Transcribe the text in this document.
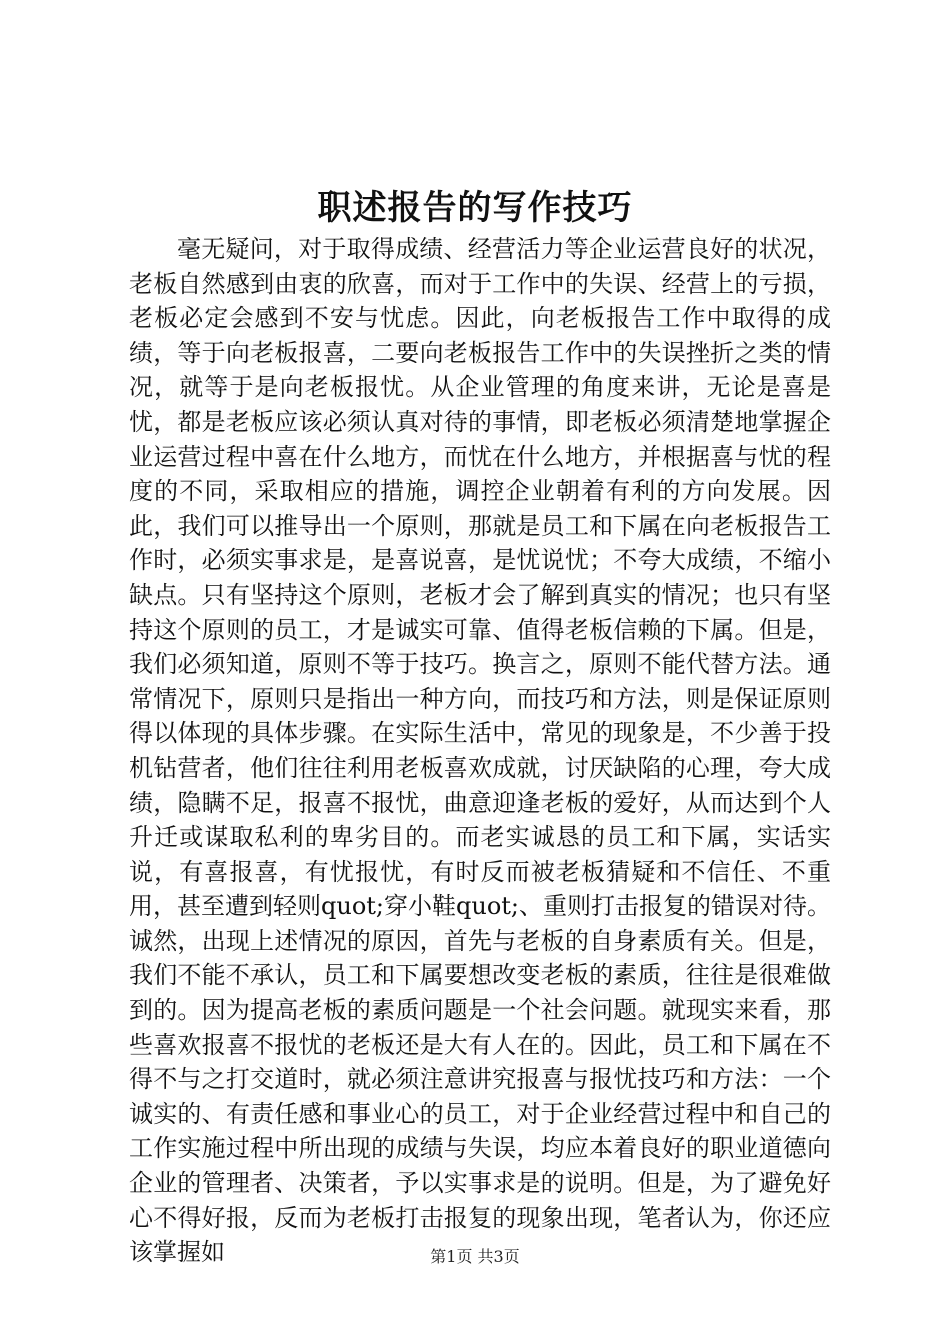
职述报告的写作技巧

毫无疑问，对于取得成绩、经营活力等企业运营良好的状况，老板自然感到由衷的欣喜，而对于工作中的失误、经营上的亏损，老板必定会感到不安与忧虑。因此，向老板报告工作中取得的成绩，等于向老板报喜，二要向老板报告工作中的失误挫折之类的情况，就等于是向老板报忧。从企业管理的角度来讲，无论是喜是忧，都是老板应该必须认真对待的事情，即老板必须清楚地掌握企业运营过程中喜在什么地方，而忧在什么地方，并根据喜与忧的程度的不同，采取相应的措施，调控企业朝着有利的方向发展。因此，我们可以推导出一个原则，那就是员工和下属在向老板报告工作时，必须实事求是，是喜说喜，是忧说忧；不夸大成绩，不缩小缺点。只有坚持这个原则，老板才会了解到真实的情况；也只有坚持这个原则的员工，才是诚实可靠、值得老板信赖的下属。但是，我们必须知道，原则不等于技巧。换言之，原则不能代替方法。通常情况下，原则只是指出一种方向，而技巧和方法，则是保证原则得以体现的具体步骤。在实际生活中，常见的现象是，不少善于投机钻营者，他们往往利用老板喜欢成就，讨厌缺陷的心理，夸大成绩，隐瞒不足，报喜不报忧，曲意迎逢老板的爱好，从而达到个人升迁或谋取私利的卑劣目的。而老实诚恳的员工和下属，实话实说，有喜报喜，有忧报忧，有时反而被老板猜疑和不信任、不重用，甚至遭到轻则quot;穿小鞋quot;、重则打击报复的错误对待。诚然，出现上述情况的原因，首先与老板的自身素质有关。但是，我们不能不承认，员工和下属要想改变老板的素质，往往是很难做到的。因为提高老板的素质问题是一个社会问题。就现实来看，那些喜欢报喜不报忧的老板还是大有人在的。因此，员工和下属在不得不与之打交道时，就必须注意讲究报喜与报忧技巧和方法：一个诚实的、有责任感和事业心的员工，对于企业经营过程中和自己的工作实施过程中所出现的成绩与失误，均应本着良好的职业道德向企业的管理者、决策者，予以实事求是的说明。但是，为了避免好心不得好报，反而为老板打击报复的现象出现，笔者认为，你还应该掌握如	第1页 共3页
